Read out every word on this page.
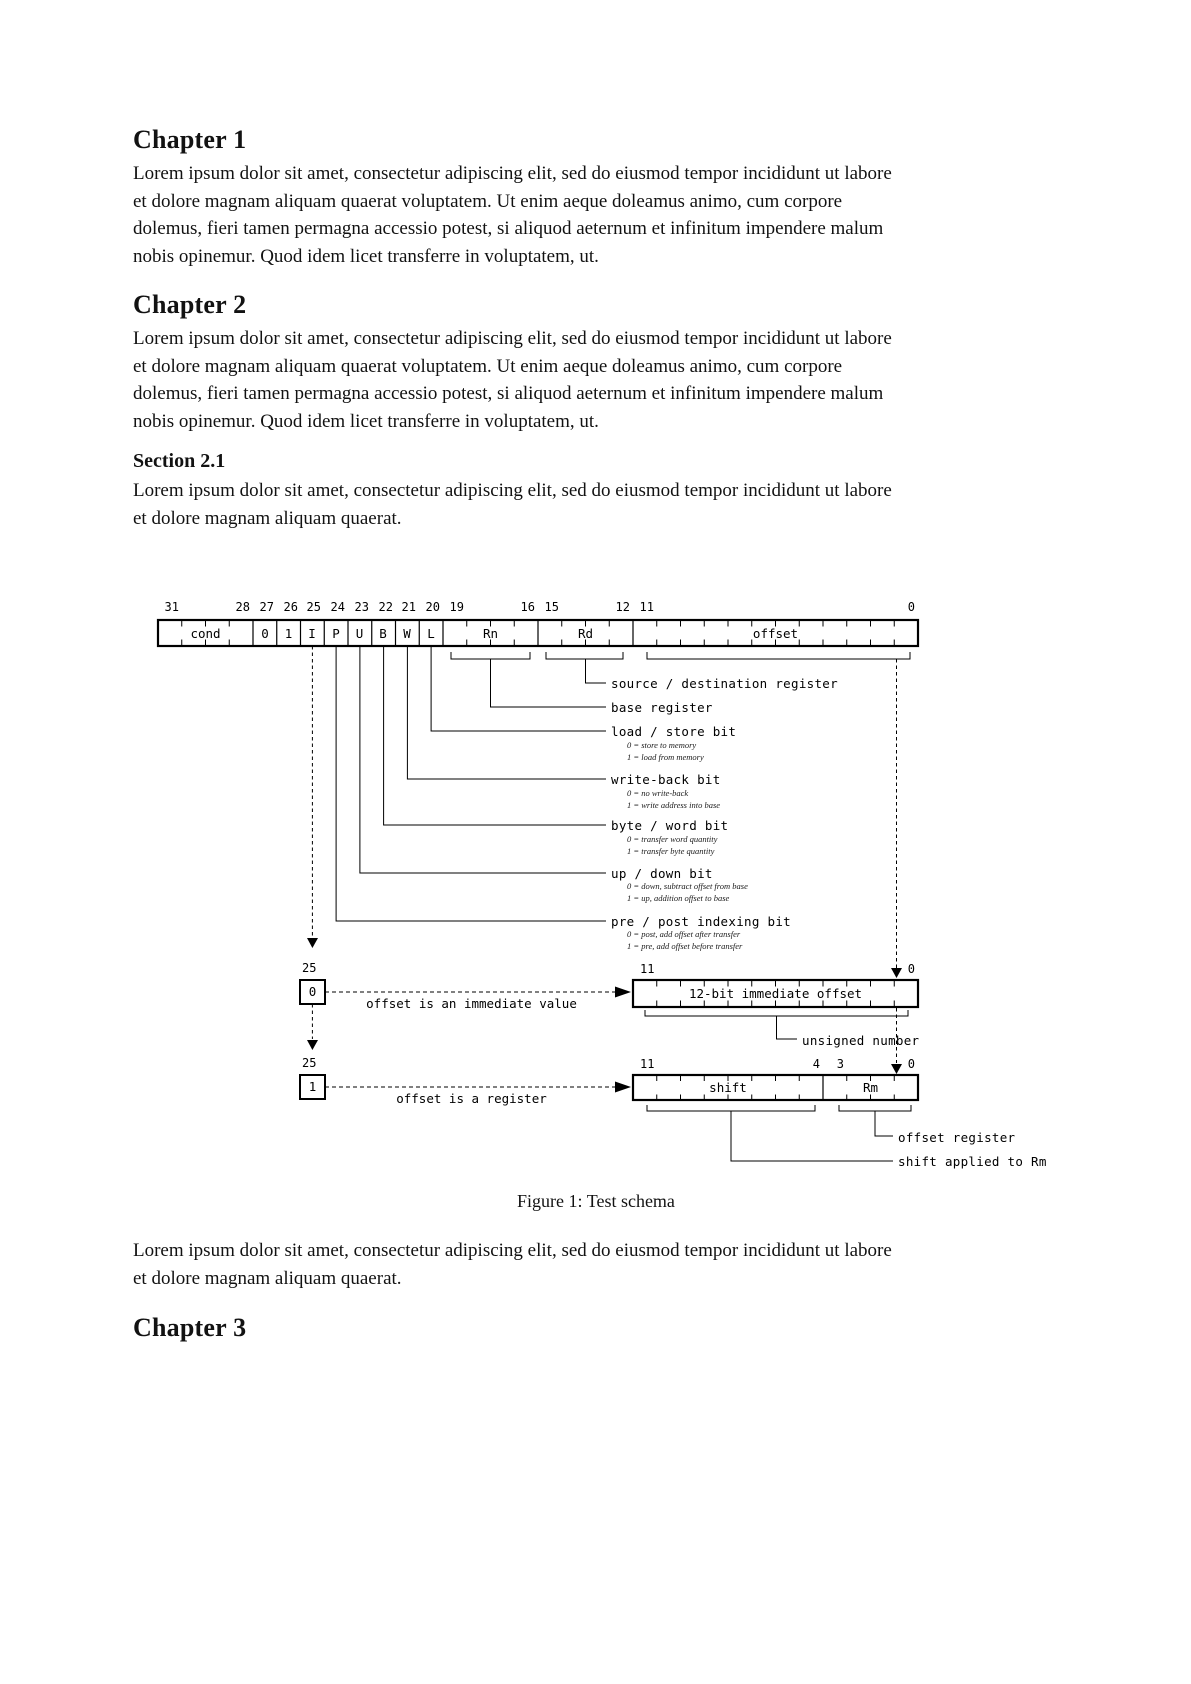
Chapter 1
Lorem ipsum dolor sit amet, consectetur adipiscing elit, sed do eiusmod tempor incididunt ut labore
et dolore magnam aliquam quaerat voluptatem. Ut enim aeque doleamus animo, cum corpore
dolemus, fieri tamen permagna accessio potest, si aliquod aeternum et infinitum impendere malum
nobis opinemur. Quod idem licet transferre in voluptatem, ut.
Chapter 2
Lorem ipsum dolor sit amet, consectetur adipiscing elit, sed do eiusmod tempor incididunt ut labore
et dolore magnam aliquam quaerat voluptatem. Ut enim aeque doleamus animo, cum corpore
dolemus, fieri tamen permagna accessio potest, si aliquod aeternum et infinitum impendere malum
nobis opinemur. Quod idem licet transferre in voluptatem, ut.
Section 2.1
Lorem ipsum dolor sit amet, consectetur adipiscing elit, sed do eiusmod tempor incididunt ut labore
et dolore magnam aliquam quaerat.
31	28 27 26 25 24 23 22 21 20 19	16 15	12 11	0
cond	0	1	I	P	U	B	W	L	Rn	Rd	offset
source / destination register
base register
load / store bit
0 = store to memory
1 = load from memory
write-back bit
0 = no write-back
1 = write address into base
byte / word bit
0 = transfer word quantity
1 = transfer byte quantity
up / down bit
0 = down, subtract offset from base
1 = up, addition offset to base
pre / post indexing bit
0 = post, add offset after transfer
1 = pre, add offset before transfer
25
0
offset is an immediate value
11	0
12-bit immediate offset
unsigned number
25
1
offset is a register
11	4	3	0
shift	Rm
offset register
shift applied to Rm
Figure 1: Test schema
Lorem ipsum dolor sit amet, consectetur adipiscing elit, sed do eiusmod tempor incididunt ut labore
et dolore magnam aliquam quaerat.
Chapter 3
